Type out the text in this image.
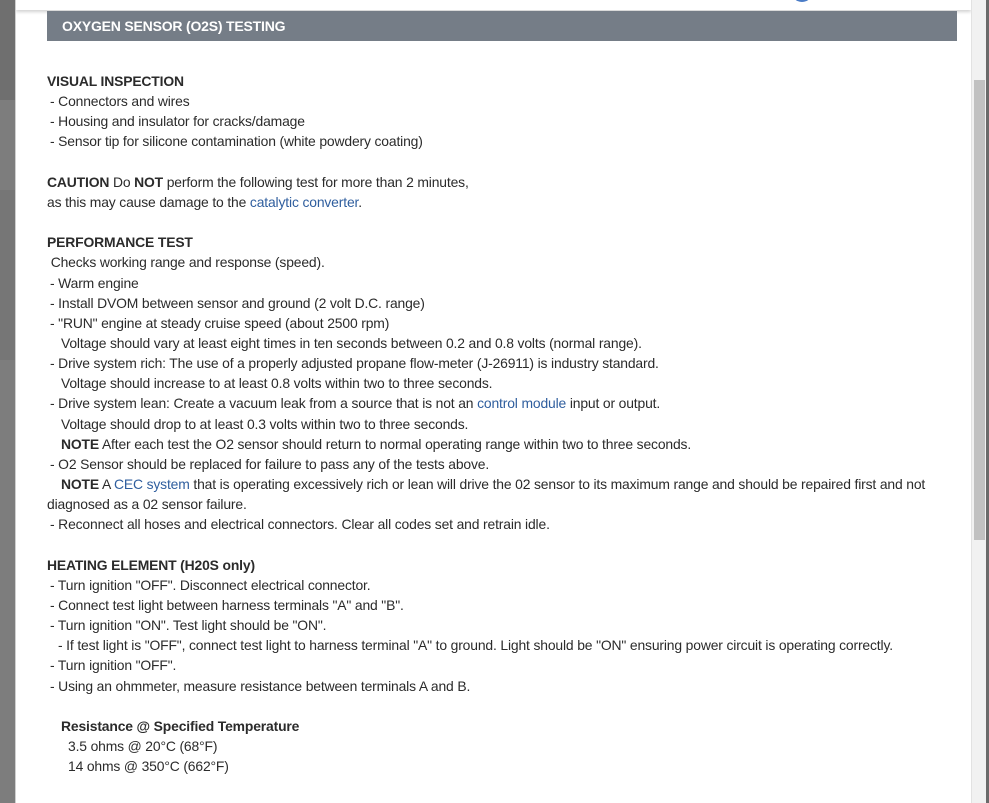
OXYGEN SENSOR (O2S) TESTING
VISUAL INSPECTION
- Connectors and wires
- Housing and insulator for cracks/damage
- Sensor tip for silicone contamination (white powdery coating)
CAUTION Do NOT perform the following test for more than 2 minutes,
as this may cause damage to the catalytic converter.
PERFORMANCE TEST
Checks working range and response (speed).
- Warm engine
- Install DVOM between sensor and ground (2 volt D.C. range)
- "RUN" engine at steady cruise speed (about 2500 rpm)
Voltage should vary at least eight times in ten seconds between 0.2 and 0.8 volts (normal range).
- Drive system rich: The use of a properly adjusted propane flow-meter (J-26911) is industry standard.
Voltage should increase to at least 0.8 volts within two to three seconds.
- Drive system lean: Create a vacuum leak from a source that is not an control module input or output.
Voltage should drop to at least 0.3 volts within two to three seconds.
NOTE After each test the O2 sensor should return to normal operating range within two to three seconds.
- O2 Sensor should be replaced for failure to pass any of the tests above.
NOTE A CEC system that is operating excessively rich or lean will drive the 02 sensor to its maximum range and should be repaired first and not diagnosed as a 02 sensor failure.
- Reconnect all hoses and electrical connectors. Clear all codes set and retrain idle.
HEATING ELEMENT (H20S only)
- Turn ignition "OFF". Disconnect electrical connector.
- Connect test light between harness terminals "A" and "B".
- Turn ignition "ON". Test light should be "ON".
- If test light is "OFF", connect test light to harness terminal "A" to ground. Light should be "ON" ensuring power circuit is operating correctly.
- Turn ignition "OFF".
- Using an ohmmeter, measure resistance between terminals A and B.
Resistance @ Specified Temperature
3.5 ohms @ 20°C (68°F)
14 ohms @ 350°C (662°F)
